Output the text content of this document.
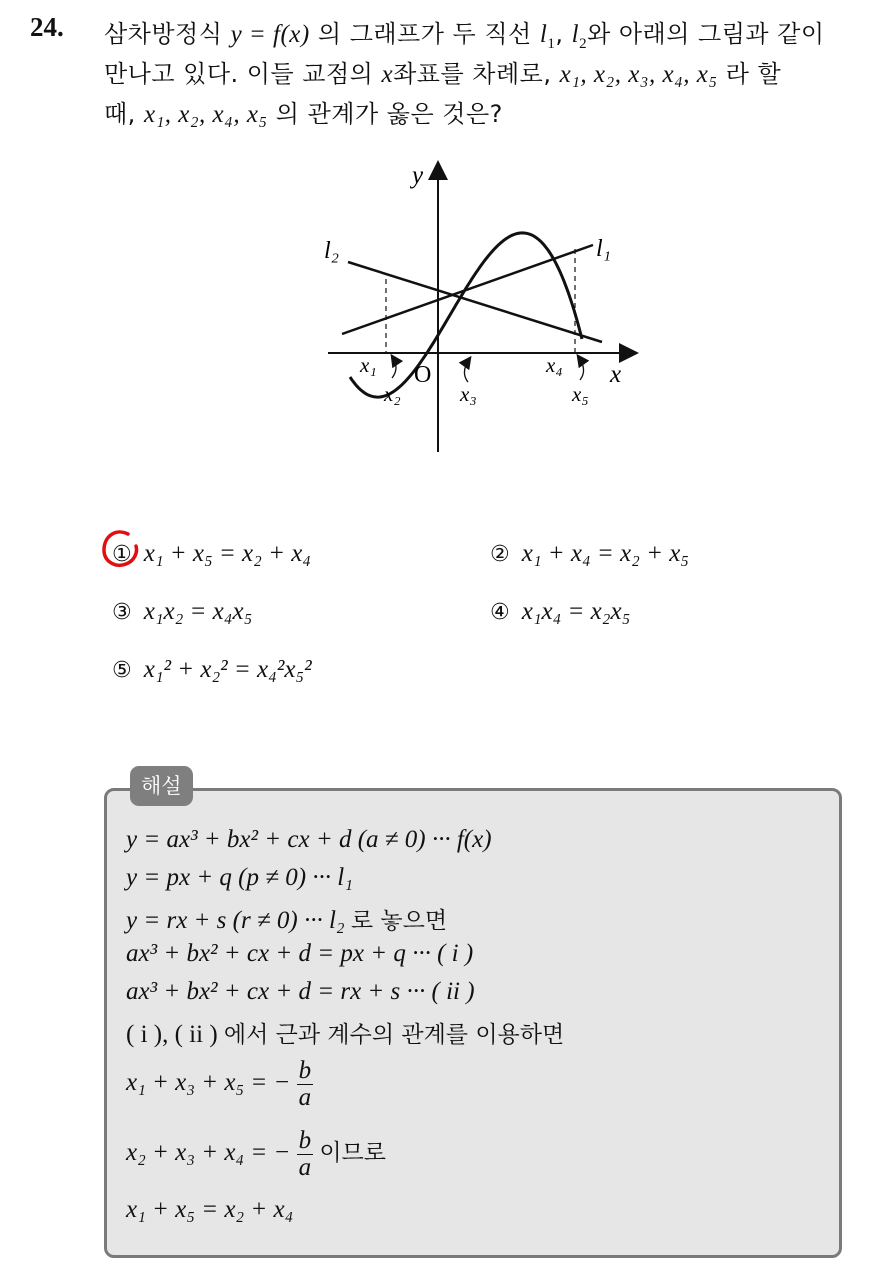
24. 삼차방정식 y = f(x) 의 그래프가 두 직선 $l_1$, $l_2$와 아래의 그림과 같이
만나고 있다. 이들 교점의 x좌표를 차례로, x₁, x₂, x₃, x₄, x₅ 라 할
때, x₁, x₂, x₄, x₅ 의 관계가 옳은 것은?
y
x
O
l₁
l₂
x₁
x₂	x₃
x₄
x₅
① x₁ + x₅ = x₂ + x₄	② x₁ + x₄ = x₂ + x₅
③ x₁x₂ = x₄x₅	④ x₁x₄ = x₂x₅
⑤ x₁² + x₂² = x₄²x₅²
해설
y = ax³ + bx² + cx + d (a ≠ 0) ··· f(x)
y = px + q (p ≠ 0) ··· l₁
y = rx + s (r ≠ 0) ··· l₂ 로 놓으면
ax³ + bx² + cx + d = px + q ··· ( i )
ax³ + bx² + cx + d = rx + s ··· ( ii )
( i ), ( ii ) 에서 근과 계수의 관계를 이용하면
x₁ + x₃ + x₅ = − $\frac{b}{a}$
x₂ + x₃ + x₄ = − $\frac{b}{a}$ 이므로
x₁ + x₅ = x₂ + x₄
